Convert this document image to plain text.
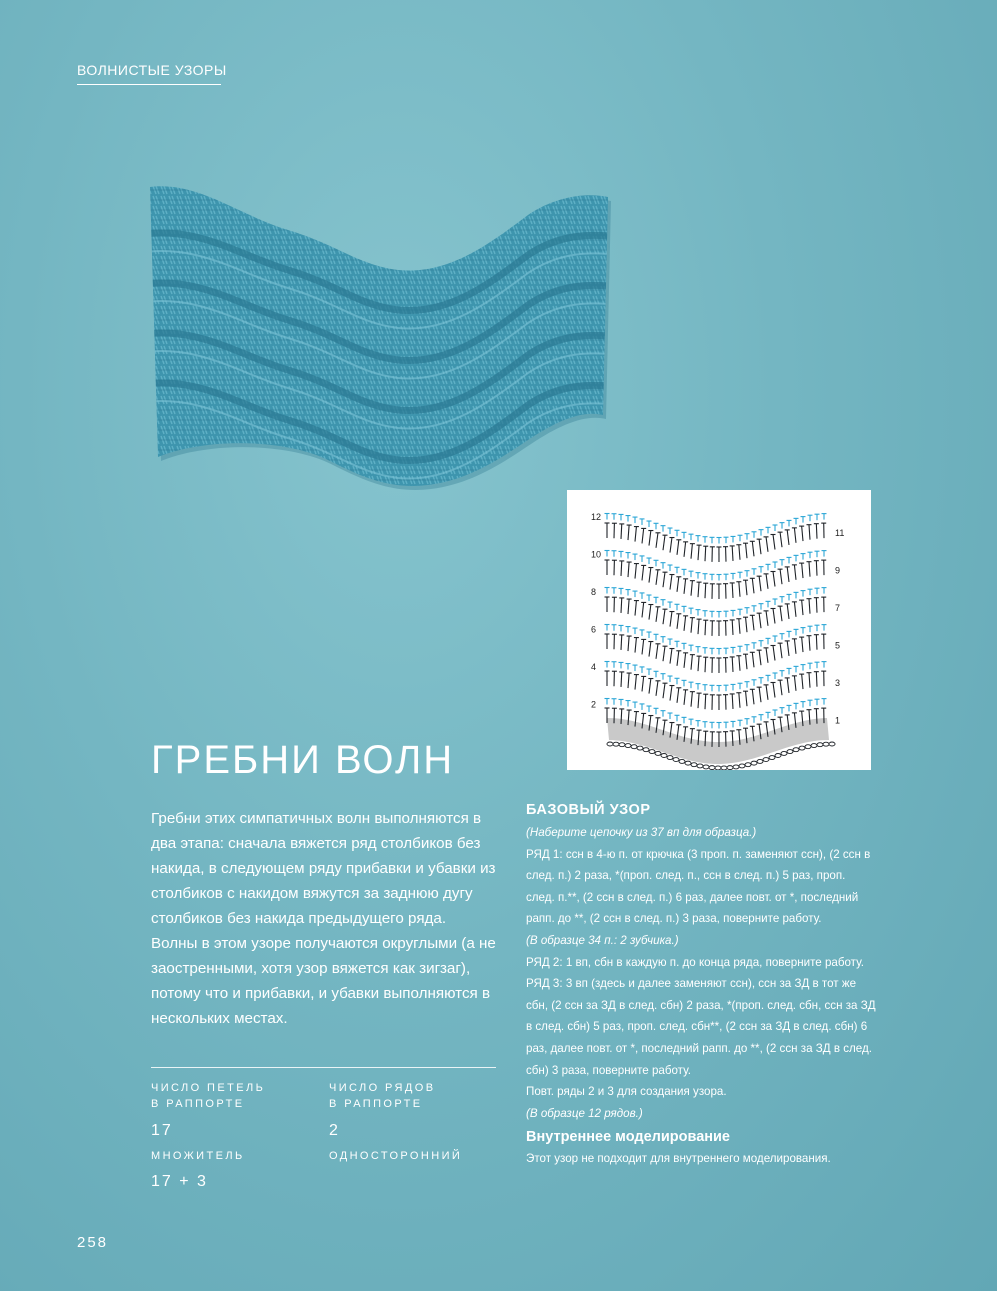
ВОЛНИСТЫЕ УЗОРЫ
12
10
8
6
4
2
11
9
7
5
3
1
ГРЕБНИ ВОЛН
Гребни этих симпатичных волн выполняются в два этапа: сначала вяжется ряд столбиков без накида, в следующем ряду прибавки и убавки из столбиков с накидом вяжутся за заднюю дугу столбиков без накида предыдущего ряда. Волны в этом узоре получаются округлыми (а не заостренными, хотя узор вяжется как зигзаг), потому что и прибавки, и убавки выполняются в нескольких местах.
ЧИСЛО ПЕТЕЛЬ
В РАППОРТЕ
17
ЧИСЛО РЯДОВ
В РАППОРТЕ
2
МНОЖИТЕЛЬ
17 + 3
ОДНОСТОРОННИЙ
258
БАЗОВЫЙ УЗОР

(Наберите цепочку из 37 вп для образца.)

РЯД 1: ссн в 4-ю п. от крючка (3 проп. п. заменяют ссн), (2 ссн в след. п.) 2 раза, *(проп. след. п., ссн в след. п.) 5 раз, проп. след. п.**, (2 ссн в след. п.) 6 раз, далее повт. от *, последний рапп. до **, (2 ссн в след. п.) 3 раза, поверните работу.

(В образце 34 п.: 2 зубчика.)

РЯД 2: 1 вп, сбн в каждую п. до конца ряда, поверните работу.

РЯД 3: 3 вп (здесь и далее заменяют ссн), ссн за ЗД в тот же сбн, (2 ссн за ЗД в след. сбн) 2 раза, *(проп. след. сбн, ссн за ЗД в след. сбн) 5 раз, проп. след. сбн**, (2 ссн за ЗД в след. сбн) 6 раз, далее повт. от *, последний рапп. до **, (2 ссн за ЗД в след. сбн) 3 раза, поверните работу.

Повт. ряды 2 и 3 для создания узора.

(В образце 12 рядов.)

Внутреннее моделирование

Этот узор не подходит для внутреннего моделирования.
